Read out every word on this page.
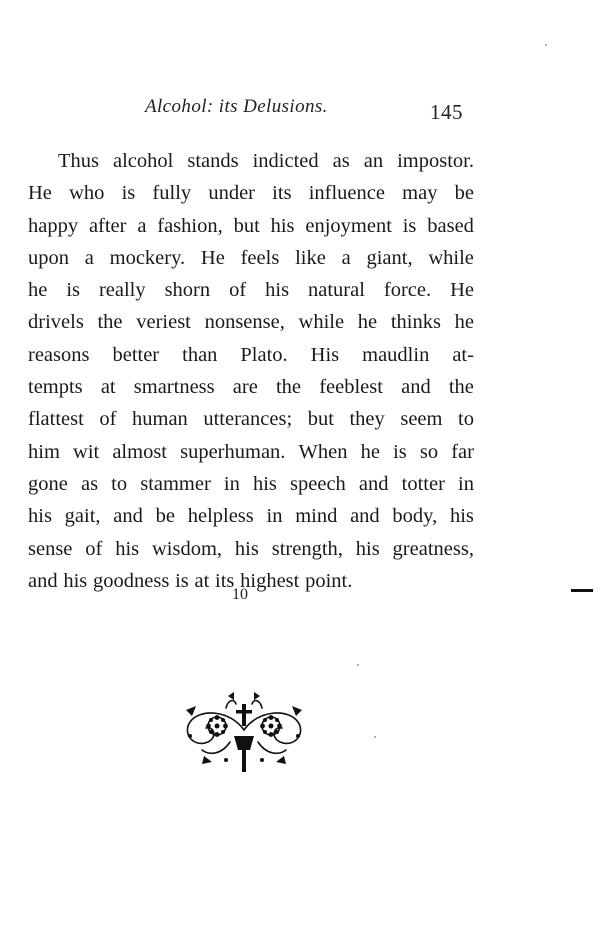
Alcohol: its Delusions.	145
Thus alcohol stands indicted as an impostor.
He who is fully under its influence may be
happy after a fashion, but his enjoyment is based
upon a mockery. He feels like a giant, while
he is really shorn of his natural force. He
drivels the veriest nonsense, while he thinks he
reasons better than Plato. His maudlin at-
tempts at smartness are the feeblest and the
flattest of human utterances; but they seem to
him wit almost superhuman. When he is so far
gone as to stammer in his speech and totter in
his gait, and be helpless in mind and body, his
sense of his wisdom, his strength, his greatness,
and his goodness is at its highest point.
10
